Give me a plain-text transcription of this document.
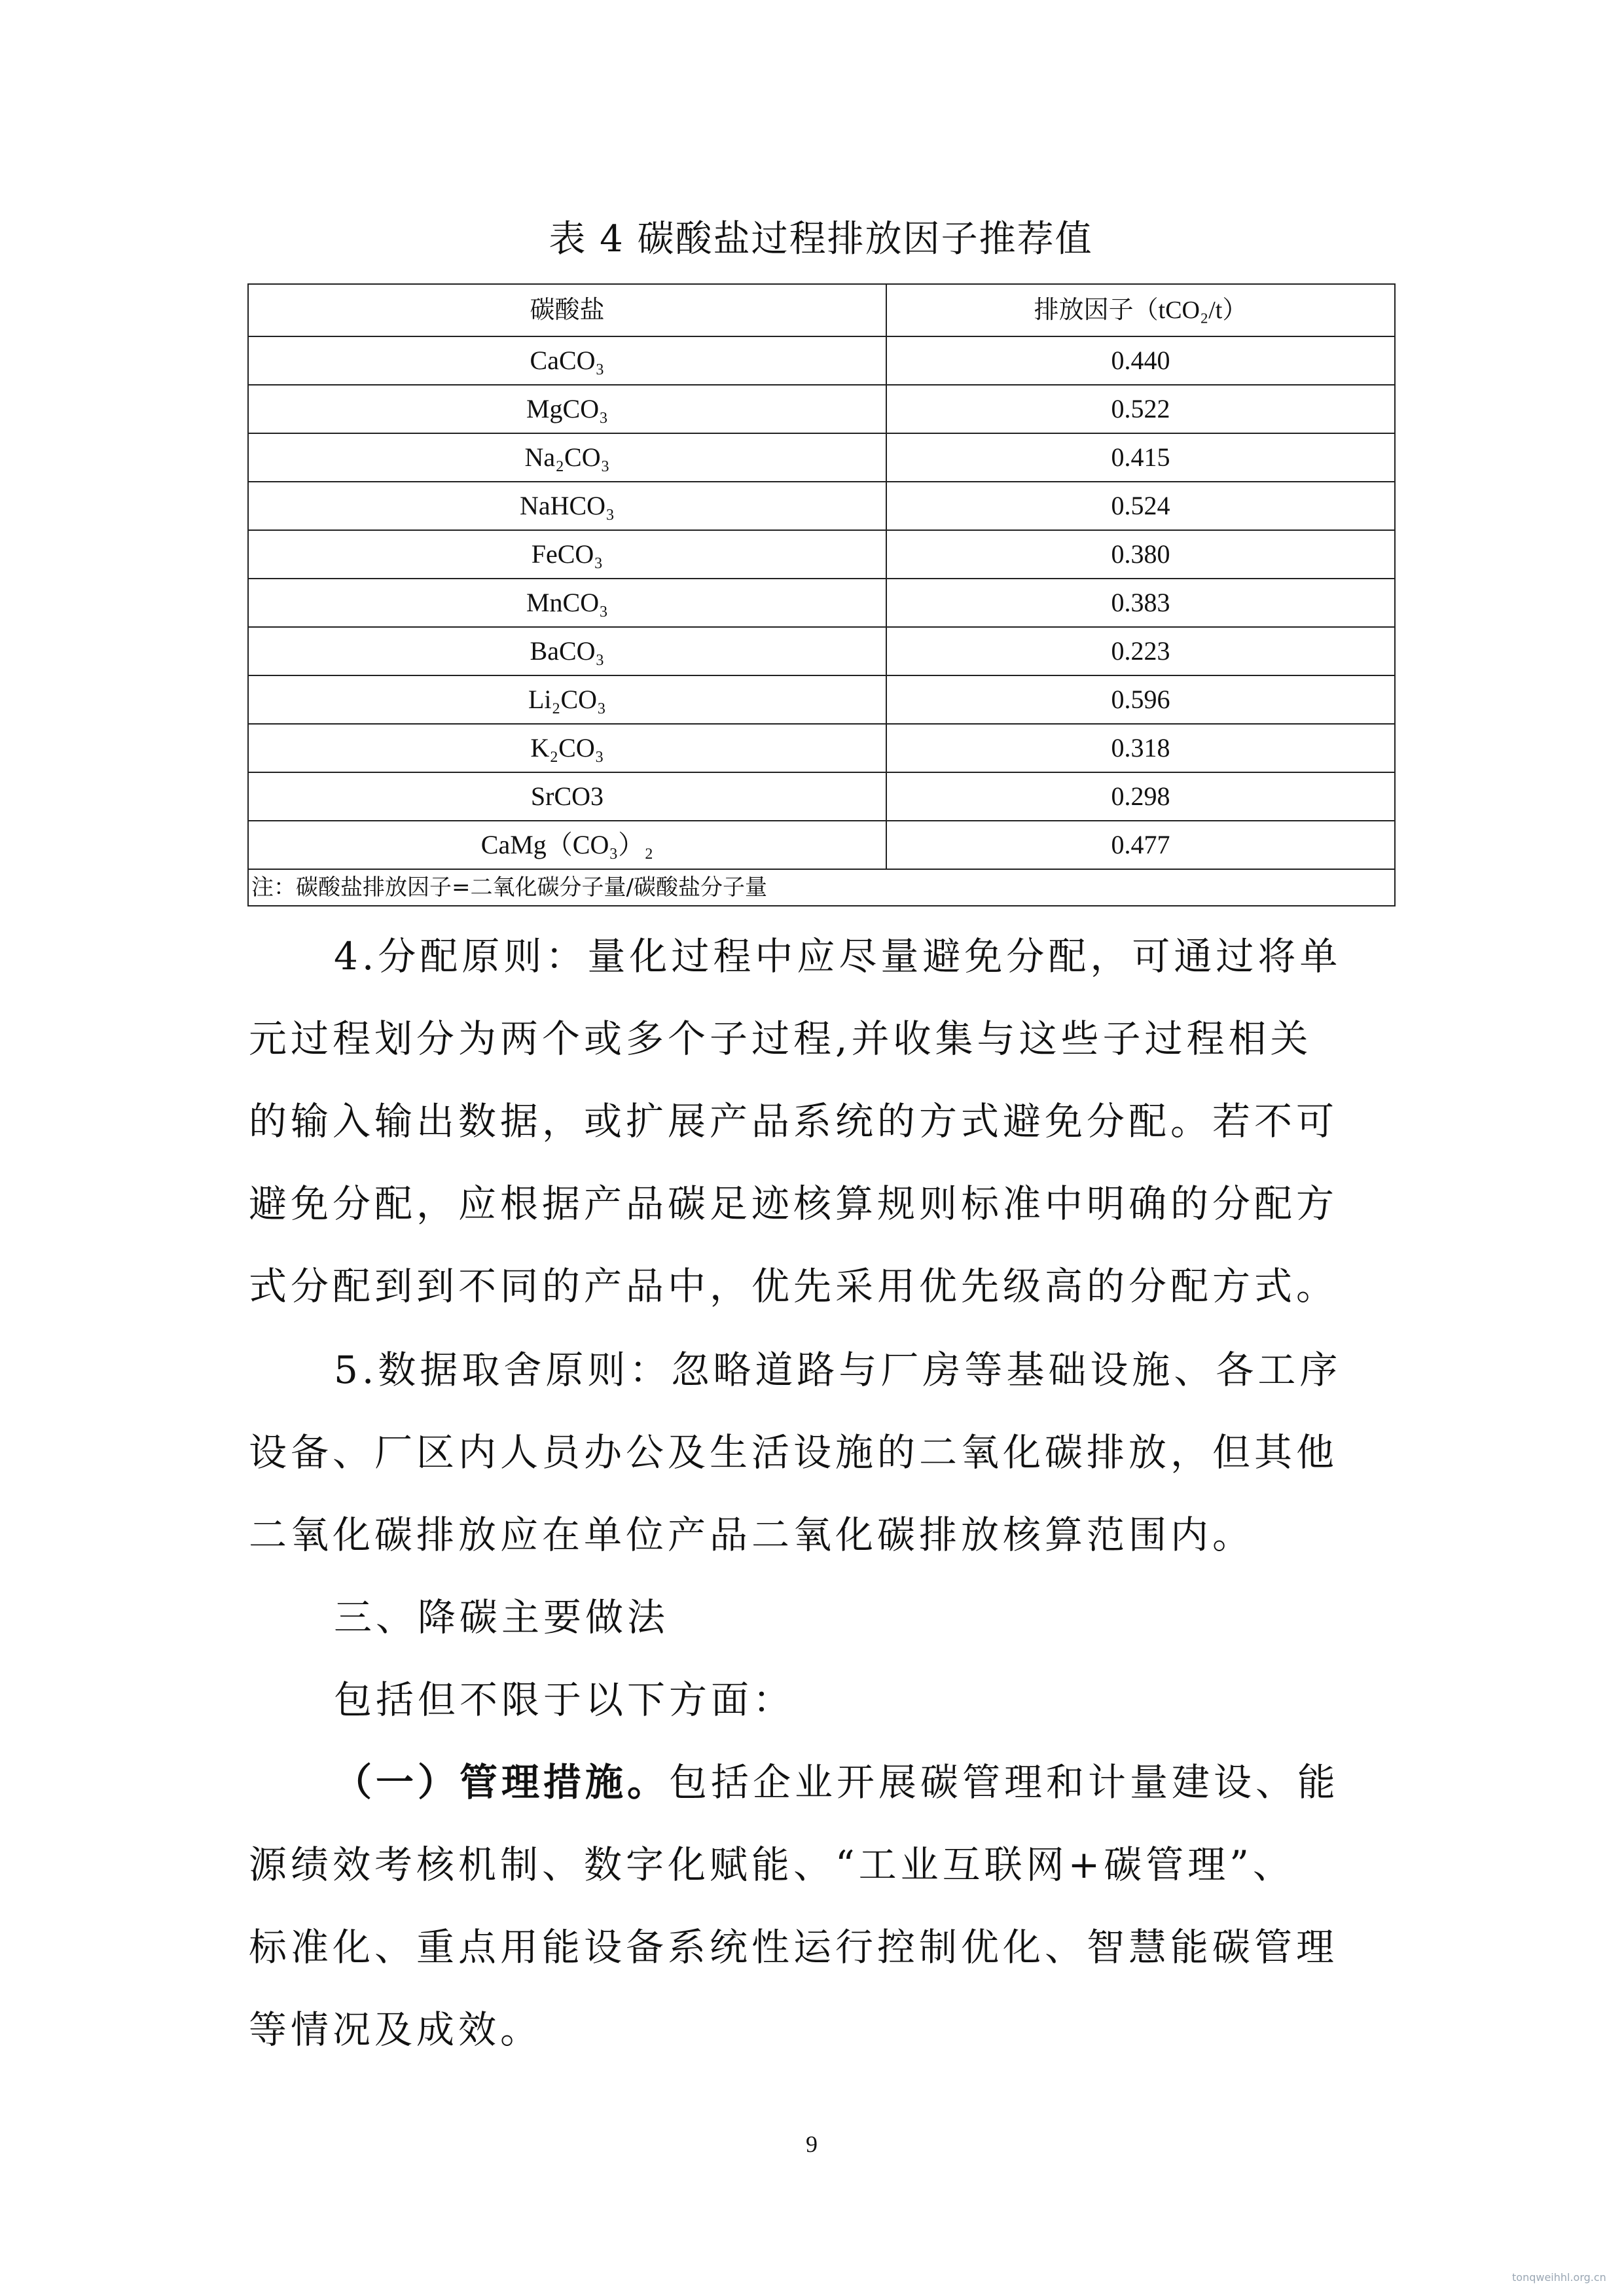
表 4 碳酸盐过程排放因子推荐值
碳酸盐	排放因子（tCO₂/t）
CaCO₃	0.440
MgCO₃	0.522
Na₂CO₃	0.415
NaHCO₃	0.524
FeCO₃	0.380
MnCO₃	0.383
BaCO₃	0.223
Li₂CO₃	0.596
K₂CO₃	0.318
SrCO3	0.298
CaMg（CO₃）₂	0.477
注：碳酸盐排放因子=二氧化碳分子量/碳酸盐分子量	
4.分配原则：量化过程中应尽量避免分配，可通过将单
元过程划分为两个或多个子过程,并收集与这些子过程相关
的输入输出数据，或扩展产品系统的方式避免分配。若不可
避免分配，应根据产品碳足迹核算规则标准中明确的分配方
式分配到到不同的产品中，优先采用优先级高的分配方式。
5.数据取舍原则：忽略道路与厂房等基础设施、各工序
设备、厂区内人员办公及生活设施的二氧化碳排放，但其他
二氧化碳排放应在单位产品二氧化碳排放核算范围内。
三、降碳主要做法
包括但不限于以下方面：
（一）管理措施。包括企业开展碳管理和计量建设、能
源绩效考核机制、数字化赋能、“工业互联网+碳管理”、
标准化、重点用能设备系统性运行控制优化、智慧能碳管理
等情况及成效。
9
tonqweihhl.org.cn
